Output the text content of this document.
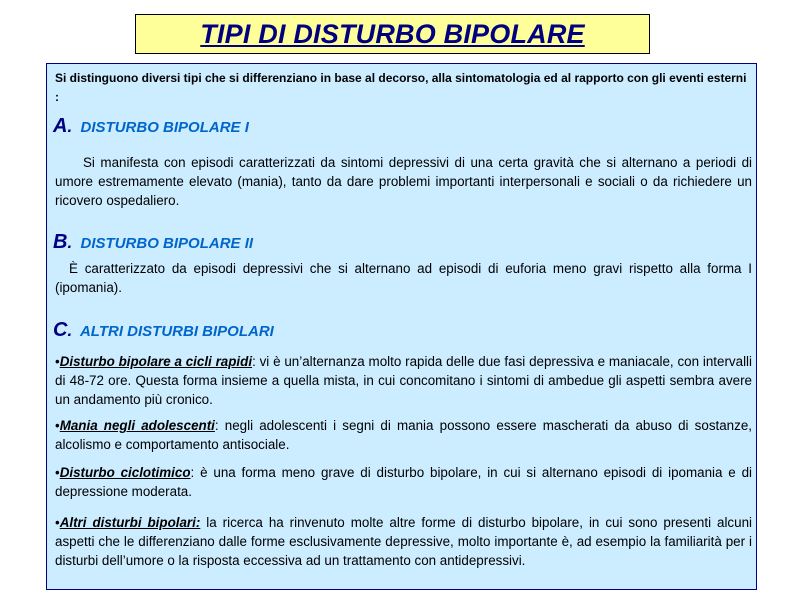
TIPI DI DISTURBO BIPOLARE
Si distinguono diversi tipi che si differenziano in base al decorso, alla sintomatologia ed al rapporto con gli eventi esterni :
A. DISTURBO BIPOLARE I
Si manifesta con episodi caratterizzati da sintomi depressivi di una certa gravità che si alternano a periodi di umore estremamente elevato (mania), tanto da dare problemi importanti interpersonali e sociali o da richiedere un ricovero ospedaliero.
B. DISTURBO BIPOLARE II
È caratterizzato da episodi depressivi che si alternano ad episodi di euforia meno gravi rispetto alla forma I (ipomania).
C. ALTRI DISTURBI BIPOLARI
•Disturbo bipolare a cicli rapidi: vi è un’alternanza molto rapida delle due fasi depressiva e maniacale, con intervalli di 48-72 ore. Questa forma insieme a quella mista, in cui concomitano i sintomi di ambedue gli aspetti sembra avere un andamento più cronico.
•Mania negli adolescenti: negli adolescenti i segni di mania possono essere mascherati da abuso di sostanze, alcolismo e comportamento antisociale.
•Disturbo ciclotimico: è una forma meno grave di disturbo bipolare, in cui si alternano episodi di ipomania e di depressione moderata.
•Altri disturbi bipolari: la ricerca ha rinvenuto molte altre forme di disturbo bipolare, in cui sono presenti alcuni aspetti che le differenziano dalle forme esclusivamente depressive, molto importante è, ad esempio la familiarità per i disturbi dell’umore o la risposta eccessiva ad un trattamento con antidepressivi.
